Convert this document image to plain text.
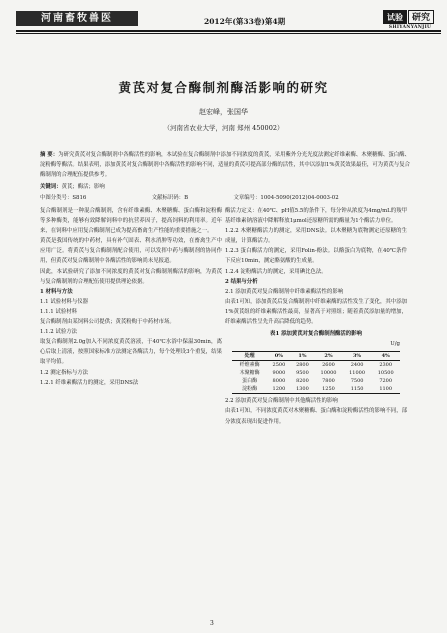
河南畜牧兽医	2012年(第33卷)第4期	试验 研究
SHIYANYANJIU
黄芪对复合酶制剂酶活影响的研究
赵宏峰，张国华
（河南省农业大学，河南 郑州 450002）
摘 要：为研究黄芪对复合酶制剂中各酶活性的影响，本试验在复合酶制剂中添加不同浓度的黄芪，采用紫外分光光度法测定纤维素酶、木聚糖酶、蛋白酶、淀粉酶等酶活。结果表明，添加黄芪对复合酶制剂中各酶活性的影响不同，适量的黄芪可提高部分酶的活性，其中以添加1%黄芪效果最佳，可为黄芪与复合酶制剂的合理配伍提供参考。
关键词：黄芪；酶活；影响
中图分类号：S816	文献标识码：B	文章编号：1004-5090(2012)04-0003-02

复合酶制剂是一种混合酶制剂，含有纤维素酶、木聚糖酶、蛋白酶和淀粉酶等多种酶类，能够有效降解饲料中的抗营养因子，提高饲料的利用率。近年来，在饲料中应用复合酶制剂已成为提高畜禽生产性能的重要措施之一。

黄芪是我国传统的中药材，具有补气固表、利水消肿等功效，在畜禽生产中应用广泛。将黄芪与复合酶制剂配合使用，可以发挥中药与酶制剂的协同作用，但黄芪对复合酶制剂中各酶活性的影响尚未见报道。

因此，本试验研究了添加不同浓度的黄芪对复合酶制剂酶活的影响，为黄芪与复合酶制剂的合理配伍使用提供理论依据。

1 材料与方法

1.1 试验材料与仪器

1.1.1 试验材料

复合酶制剂由某饲料公司提供；黄芪粉购于中药材市场。

1.1.2 试验方法

取复合酶制剂2.0g加入不同浓度黄芪溶液，于40℃水浴中保温30min，离心后取上清液，按照国家标准方法测定各酶活力，每个处理设3个重复，结果取平均值。

1.2 测定指标与方法

1.2.1 纤维素酶活力的测定，采用DNS法

酶活力定义：在40℃、pH值5.5的条件下，每分钟从浓度为4mg/mL的羧甲基纤维素钠溶液中降解释放1μmol还原糖所需的酶量为1个酶活力单位。

1.2.2 木聚糖酶活力的测定，采用DNS法。以木聚糖为底物测定还原糖的生成量，计算酶活力。

1.2.3 蛋白酶活力的测定，采用Folin-酚法。以酪蛋白为底物，在40℃条件下反应10min，测定酪氨酸的生成量。

1.2.4 淀粉酶活力的测定，采用碘比色法。

2 结果与分析

2.1 添加黄芪对复合酶制剂中纤维素酶活性的影响

由表1可知，添加黄芪后复合酶制剂中纤维素酶的活性发生了变化，其中添加1%黄芪组的纤维素酶活性最高，显著高于对照组；随着黄芪添加量的增加，纤维素酶活性呈先升高后降低的趋势。

表1 添加黄芪对复合酶制剂酶活的影响
U/g
处理	0%	1%	2%	3%	4%
纤维素酶	2500	2800	2600	2400	2300
木聚糖酶	9000	9500	10000	11000	10500
蛋白酶	8000	8200	7800	7500	7200
淀粉酶	1200	1300	1250	1150	1100

2.2 添加黄芪对复合酶制剂中其他酶活性的影响

由表1可知，不同浓度黄芪对木聚糖酶、蛋白酶和淀粉酶活性的影响不同，部分浓度表现出促进作用。

3
